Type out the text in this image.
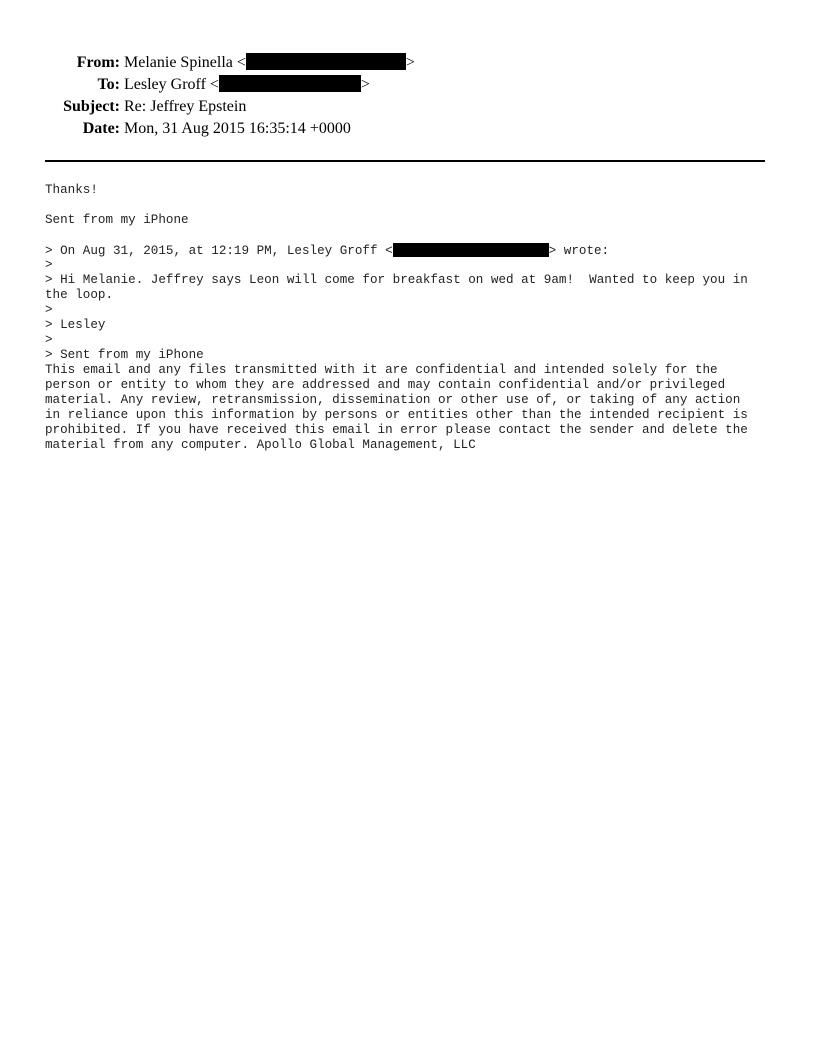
From: Melanie Spinella <	>
To: Lesley Groff <	>
Subject: Re: Jeffrey Epstein
Date: Mon, 31 Aug 2015 16:35:14 +0000
Thanks!
Sent from my iPhone
> On Aug 31, 2015, at 12:19 PM, Lesley Groff <	> wrote:
>
> Hi Melanie. Jeffrey says Leon will come for breakfast on wed at 9am!  Wanted to keep you in
the loop.
>
> Lesley
>
> Sent from my iPhone
This email and any files transmitted with it are confidential and intended solely for the
person or entity to whom they are addressed and may contain confidential and/or privileged
material. Any review, retransmission, dissemination or other use of, or taking of any action
in reliance upon this information by persons or entities other than the intended recipient is
prohibited. If you have received this email in error please contact the sender and delete the
material from any computer. Apollo Global Management, LLC
